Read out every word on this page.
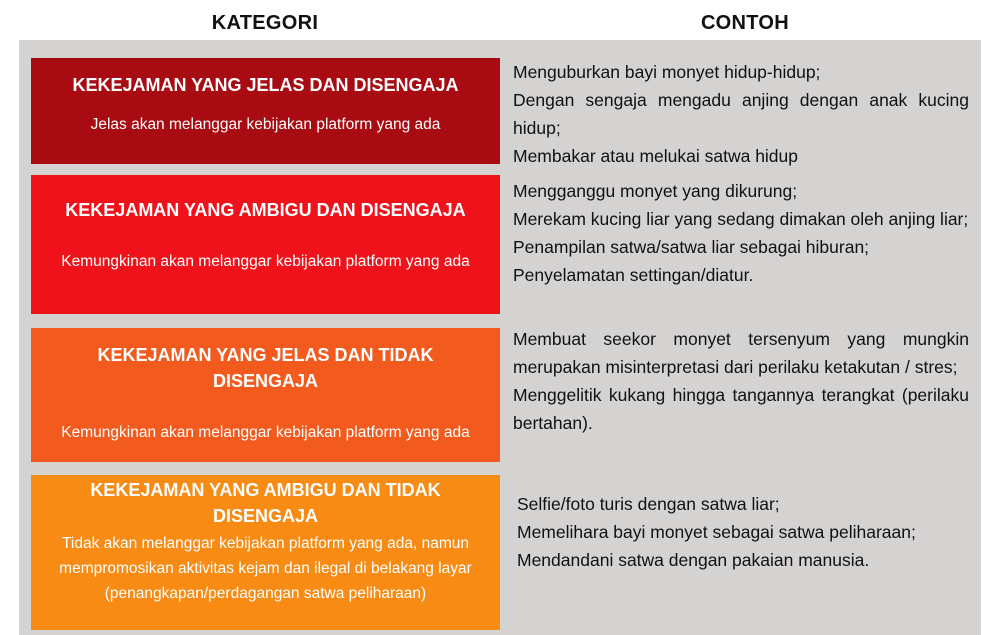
KATEGORI	CONTOH
KEKEJAMAN YANG JELAS DAN DISENGAJA
Jelas akan melanggar kebijakan platform yang ada
Menguburkan bayi monyet hidup-hidup;
Dengan sengaja mengadu anjing dengan anak kucing hidup;
Membakar atau melukai satwa hidup
KEKEJAMAN YANG AMBIGU DAN DISENGAJA
Kemungkinan akan melanggar kebijakan platform yang ada
Mengganggu monyet yang dikurung;
Merekam kucing liar yang sedang dimakan oleh anjing liar;
Penampilan satwa/satwa liar sebagai hiburan;
Penyelamatan settingan/diatur.
KEKEJAMAN YANG JELAS DAN TIDAK DISENGAJA
Kemungkinan akan melanggar kebijakan platform yang ada
Membuat seekor monyet tersenyum yang mungkin merupakan misinterpretasi dari perilaku ketakutan / stres;
Menggelitik kukang hingga tangannya terangkat (perilaku bertahan).
KEKEJAMAN YANG AMBIGU DAN TIDAK DISENGAJA
Tidak akan melanggar kebijakan platform yang ada, namun mempromosikan aktivitas kejam dan ilegal di belakang layar (penangkapan/perdagangan satwa peliharaan)
Selfie/foto turis dengan satwa liar;
Memelihara bayi monyet sebagai satwa peliharaan;
Mendandani satwa dengan pakaian manusia.
